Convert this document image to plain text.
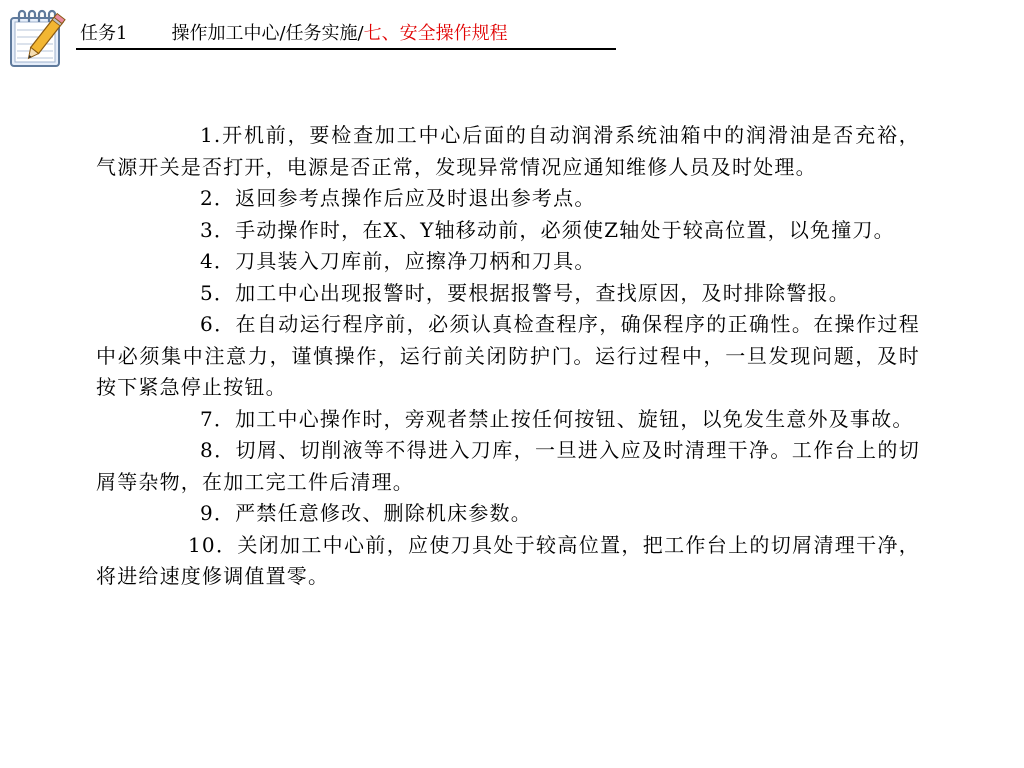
任务1 操作加工中心/任务实施/七、安全操作规程

1.开机前，要检查加工中心后面的自动润滑系统油箱中的润滑油是否充裕，气源开关是否打开，电源是否正常，发现异常情况应通知维修人员及时处理。

2．返回参考点操作后应及时退出参考点。

3．手动操作时，在X、Y轴移动前，必须使Z轴处于较高位置，以免撞刀。

4．刀具装入刀库前，应擦净刀柄和刀具。

5．加工中心出现报警时，要根据报警号，查找原因，及时排除警报。

6．在自动运行程序前，必须认真检查程序，确保程序的正确性。在操作过程中必须集中注意力，谨慎操作，运行前关闭防护门。运行过程中，一旦发现问题，及时按下紧急停止按钮。

7．加工中心操作时，旁观者禁止按任何按钮、旋钮，以免发生意外及事故。

8．切屑、切削液等不得进入刀库，一旦进入应及时清理干净。工作台上的切屑等杂物，在加工完工件后清理。

9．严禁任意修改、删除机床参数。

10．关闭加工中心前，应使刀具处于较高位置，把工作台上的切屑清理干净，将进给速度修调值置零。
